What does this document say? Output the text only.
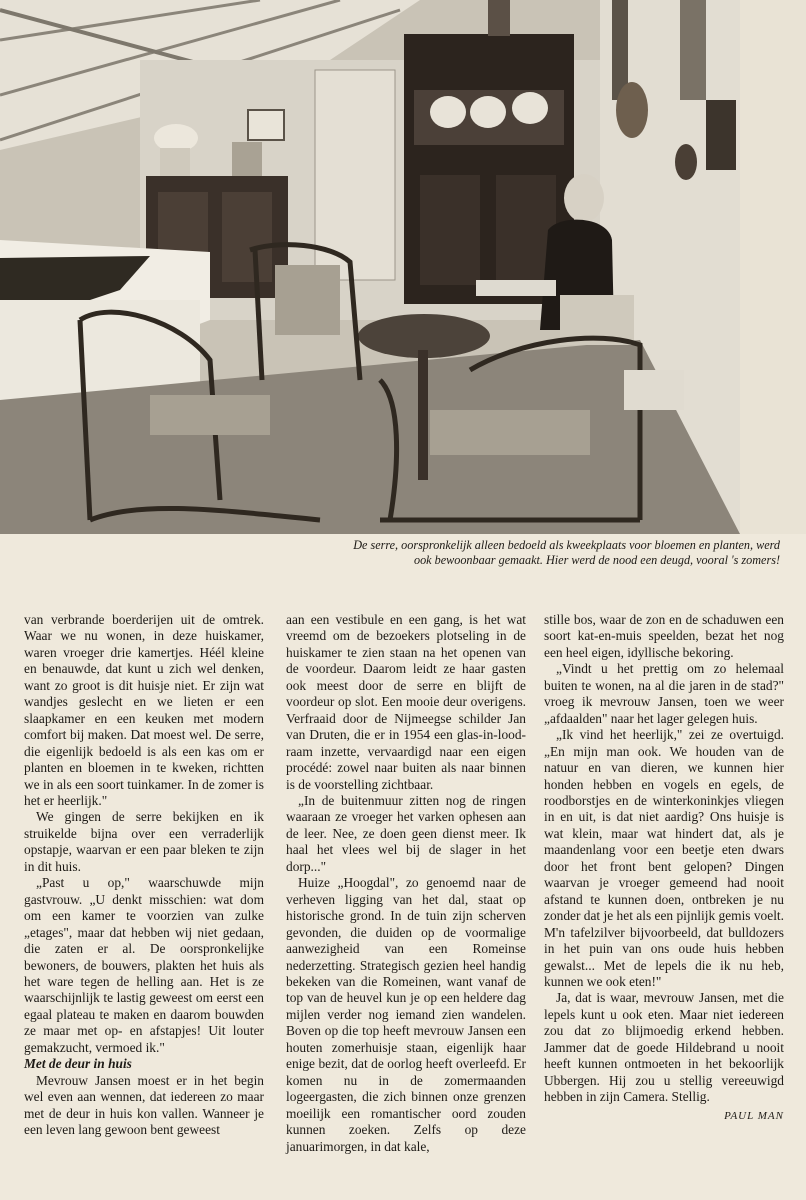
De serre, oorspronkelijk alleen bedoeld als kweekplaats voor bloemen en planten, werd
ook bewoonbaar gemaakt. Hier werd de nood een deugd, vooral 's zomers!

van verbrande boerderijen uit de omtrek. Waar we nu wonen, in deze huiskamer, waren vroeger drie kamertjes. Héél kleine en benauwde, dat kunt u zich wel denken, want zo groot is dit huisje niet. Er zijn wat wandjes geslecht en we lieten er een slaapkamer en een keuken met modern comfort bij maken. Dat moest wel. De serre, die eigenlijk bedoeld is als een kas om er planten en bloemen in te kweken, richtten we in als een soort tuinkamer. In de zomer is het er heerlijk."

We gingen de serre bekijken en ik struikelde bijna over een verraderlijk opstapje, waarvan er een paar bleken te zijn in dit huis.

„Past u op," waarschuwde mijn gastvrouw. „U denkt misschien: wat dom om een kamer te voorzien van zulke „etages", maar dat hebben wij niet gedaan, die zaten er al. De oorspronkelijke bewoners, de bouwers, plakten het huis als het ware tegen de helling aan. Het is ze waarschijnlijk te lastig geweest om eerst een egaal plateau te maken en daarom bouwden ze maar met op- en afstapjes! Uit louter gemakzucht, vermoed ik."

Met de deur in huis

Mevrouw Jansen moest er in het begin wel even aan wennen, dat iedereen zo maar met de deur in huis kon vallen. Wanneer je een leven lang gewoon bent geweest

aan een vestibule en een gang, is het wat vreemd om de bezoekers plotseling in de huiskamer te zien staan na het openen van de voordeur. Daarom leidt ze haar gasten ook meest door de serre en blijft de voordeur op slot. Een mooie deur overigens. Verfraaid door de Nijmeegse schilder Jan van Druten, die er in 1954 een glas-in-lood-raam inzette, vervaardigd naar een eigen procédé: zowel naar buiten als naar binnen is de voorstelling zichtbaar.

„In de buitenmuur zitten nog de ringen waaraan ze vroeger het varken ophesen aan de leer. Nee, ze doen geen dienst meer. Ik haal het vlees wel bij de slager in het dorp..."

Huize „Hoogdal", zo genoemd naar de verheven ligging van het dal, staat op historische grond. In de tuin zijn scherven gevonden, die duiden op de voormalige aanwezigheid van een Romeinse nederzetting. Strategisch gezien heel handig bekeken van die Romeinen, want vanaf de top van de heuvel kun je op een heldere dag mijlen verder nog iemand zien wandelen. Boven op die top heeft mevrouw Jansen een houten zomerhuisje staan, eigenlijk haar enige bezit, dat de oorlog heeft overleefd. Er komen nu in de zomermaanden logeergasten, die zich binnen onze grenzen moeilijk een romantischer oord zouden kunnen zoeken. Zelfs op deze januarimorgen, in dat kale,

stille bos, waar de zon en de schaduwen een soort kat-en-muis speelden, bezat het nog een heel eigen, idyllische bekoring.

„Vindt u het prettig om zo helemaal buiten te wonen, na al die jaren in de stad?" vroeg ik mevrouw Jansen, toen we weer „afdaalden" naar het lager gelegen huis.

„Ik vind het heerlijk," zei ze overtuigd. „En mijn man ook. We houden van de natuur en van dieren, we kunnen hier honden hebben en vogels en egels, de roodborstjes en de winterkoninkjes vliegen in en uit, is dat niet aardig? Ons huisje is wat klein, maar wat hindert dat, als je maandenlang voor een beetje eten dwars door het front bent gelopen? Dingen waarvan je vroeger gemeend had nooit afstand te kunnen doen, ontbreken je nu zonder dat je het als een pijnlijk gemis voelt. M'n tafelzilver bijvoorbeeld, dat bulldozers in het puin van ons oude huis hebben gewalst... Met de lepels die ik nu heb, kunnen we ook eten!"

Ja, dat is waar, mevrouw Jansen, met die lepels kunt u ook eten. Maar niet iedereen zou dat zo blijmoedig erkend hebben. Jammer dat de goede Hildebrand u nooit heeft kunnen ontmoeten in het bekoorlijk Ubbergen. Hij zou u stellig vereeuwigd hebben in zijn Camera. Stellig.

PAUL MAN
